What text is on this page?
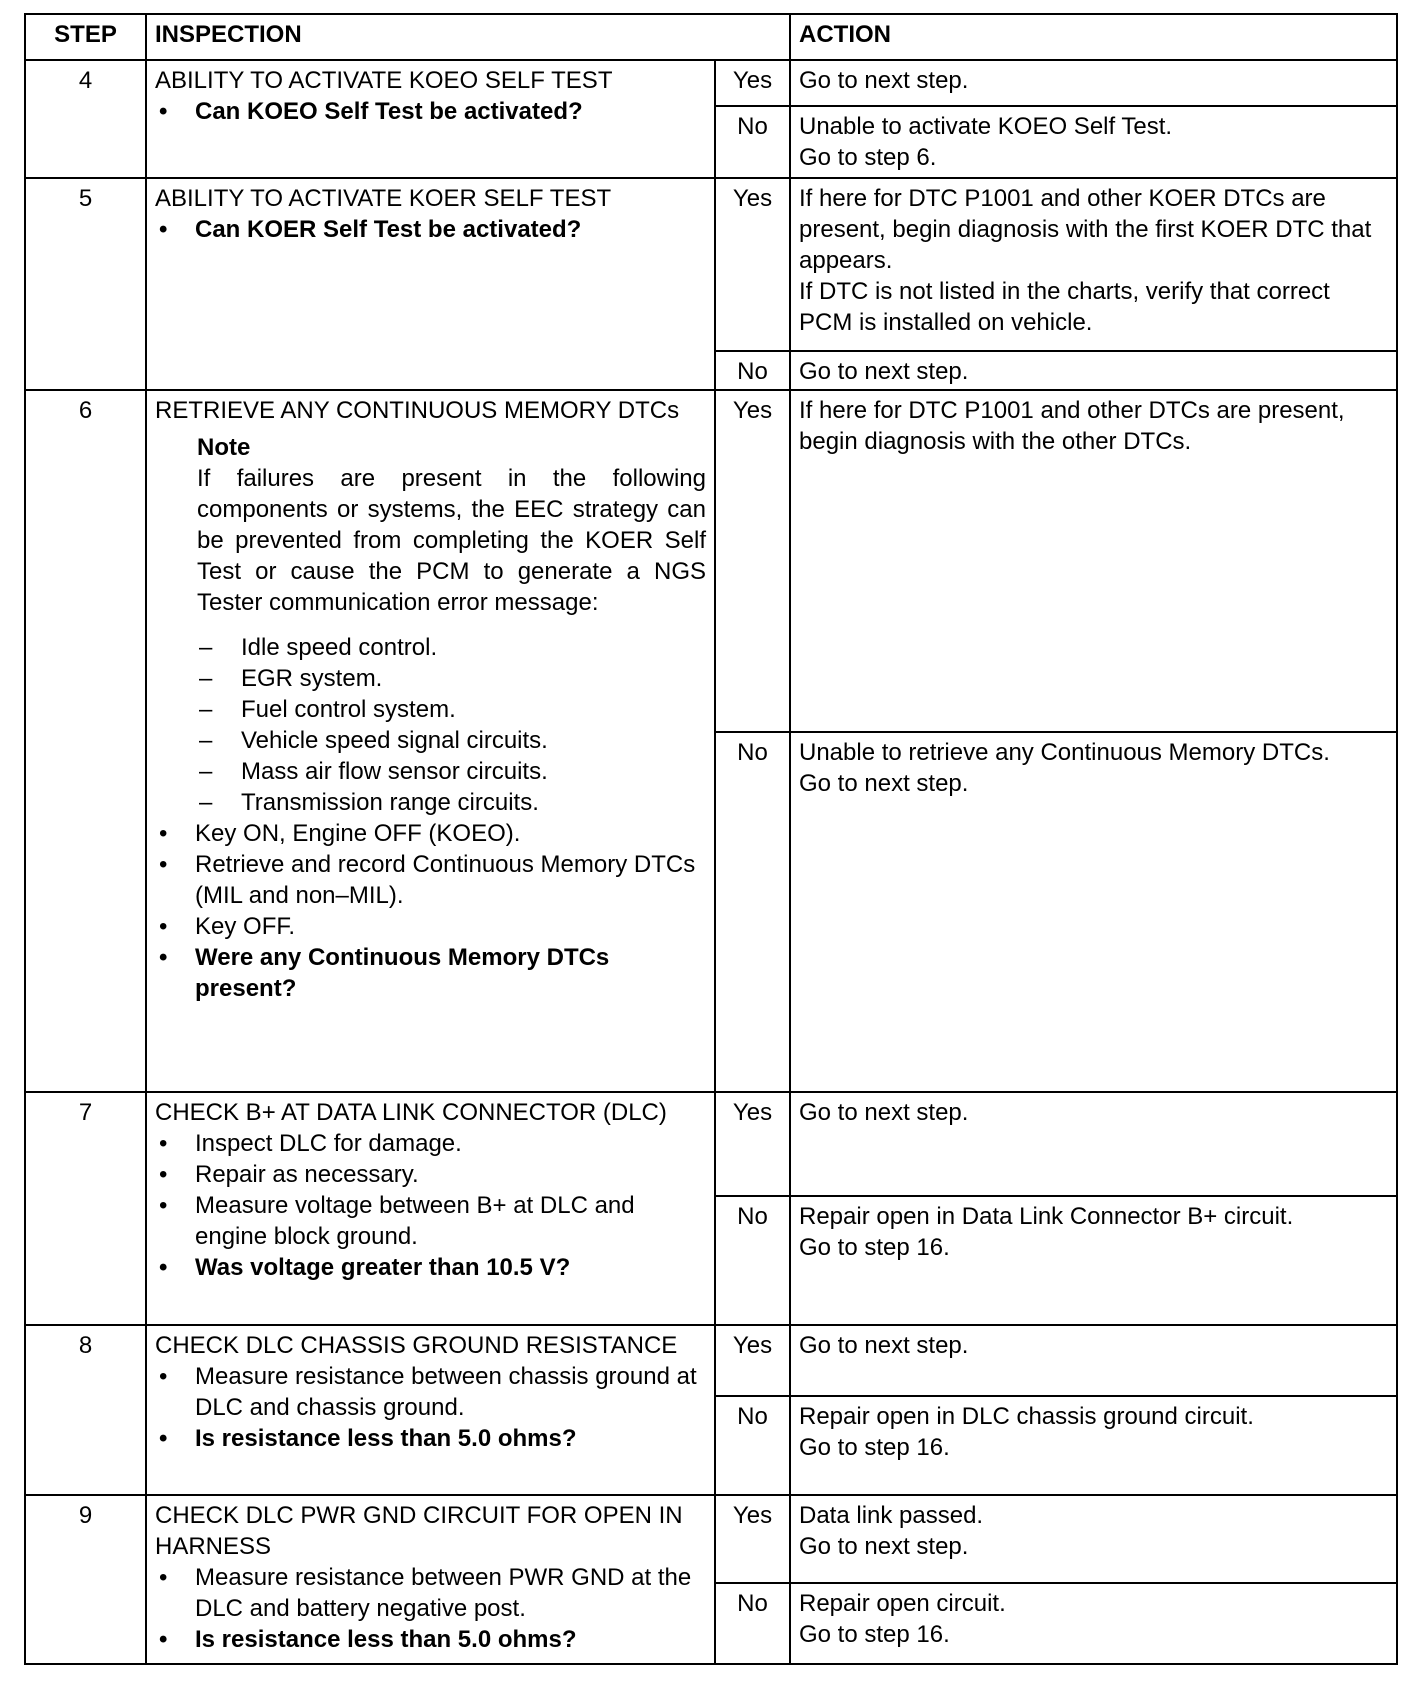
STEP	INSPECTION	ACTION
4	ABILITY TO ACTIVATE KOEO SELF TEST
• Can KOEO Self Test be activated?
Yes	Go to next step.
No	Unable to activate KOEO Self Test.
Go to step 6.
5	ABILITY TO ACTIVATE KOER SELF TEST
• Can KOER Self Test be activated?
Yes	If here for DTC P1001 and other KOER DTCs are present, begin diagnosis with the first KOER DTC that appears.
If DTC is not listed in the charts, verify that correct PCM is installed on vehicle.
No	Go to next step.
6	RETRIEVE ANY CONTINUOUS MEMORY DTCs
Note
If failures are present in the following components or systems, the EEC strategy can be prevented from completing the KOER Self Test or cause the PCM to generate a NGS Tester communication error message:
– Idle speed control.
– EGR system.
– Fuel control system.
– Vehicle speed signal circuits.
– Mass air flow sensor circuits.
– Transmission range circuits.
• Key ON, Engine OFF (KOEO).
• Retrieve and record Continuous Memory DTCs (MIL and non–MIL).
• Key OFF.
• Were any Continuous Memory DTCs present?
Yes	If here for DTC P1001 and other DTCs are present, begin diagnosis with the other DTCs.
No	Unable to retrieve any Continuous Memory DTCs.
Go to next step.
7	CHECK B+ AT DATA LINK CONNECTOR (DLC)
• Inspect DLC for damage.
• Repair as necessary.
• Measure voltage between B+ at DLC and engine block ground.
• Was voltage greater than 10.5 V?
Yes	Go to next step.
No	Repair open in Data Link Connector B+ circuit.
Go to step 16.
8	CHECK DLC CHASSIS GROUND RESISTANCE
• Measure resistance between chassis ground at DLC and chassis ground.
• Is resistance less than 5.0 ohms?
Yes	Go to next step.
No	Repair open in DLC chassis ground circuit.
Go to step 16.
9	CHECK DLC PWR GND CIRCUIT FOR OPEN IN HARNESS
• Measure resistance between PWR GND at the DLC and battery negative post.
• Is resistance less than 5.0 ohms?
Yes	Data link passed.
Go to next step.
No	Repair open circuit.
Go to step 16.
